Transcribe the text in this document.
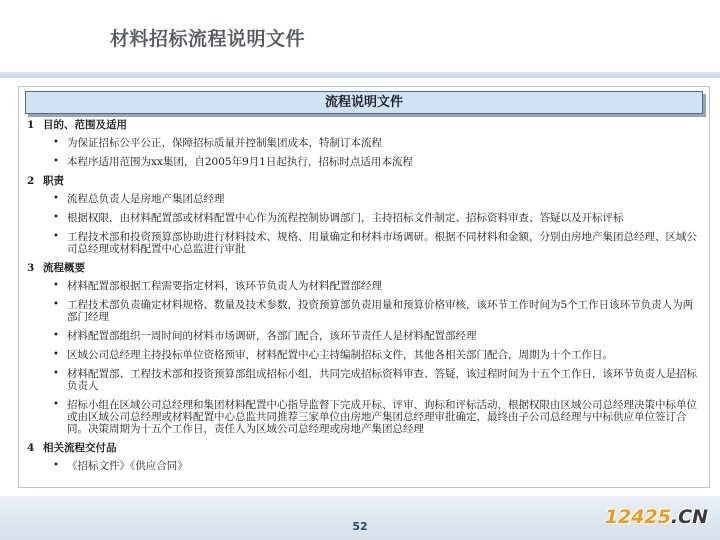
材料招标流程说明文件
流程说明文件
1 目的、范围及适用
• 为保证招标公平公正，保障招标质量并控制集团成本，特制订本流程
• 本程序适用范围为xx集团，自2005年9月1日起执行，招标时点适用本流程
2 职责
• 流程总负责人是房地产集团总经理
• 根据权限，由材料配置部或材料配置中心作为流程控制协调部门，主持招标文件制定、招标资料审查、答疑以及开标评标
• 工程技术部和投资预算部协助进行材料技术、规格、用量确定和材料市场调研。根据不同材料和金额，分别由房地产集团总经理、区域公司总经理或材料配置中心总监进行审批
3 流程概要
• 材料配置部根据工程需要指定材料，该环节负责人为材料配置部经理
• 工程技术部负责确定材料规格、数量及技术参数，投资预算部负责用量和预算价格审核，该环节工作时间为5个工作日该环节负责人为两部门经理
• 材料配置部组织一周时间的材料市场调研，各部门配合，该环节责任人是材料配置部经理
• 区域公司总经理主持投标单位资格预审，材料配置中心主持编制招标文件，其他各相关部门配合，周期为十个工作日。
• 材料配置部、工程技术部和投资预算部组成招标小组，共同完成招标资料审查、答疑，该过程时间为十五个工作日，该环节负责人是招标负责人
• 招标小组在区域公司总经理和集团材料配置中心指导监督下完成开标、评审、询标和评标活动，根据权限由区域公司总经理决策中标单位或由区域公司总经理或材料配置中心总监共同推荐三家单位由房地产集团总经理审批确定，最终由子公司总经理与中标供应单位签订合同。决策周期为十五个工作日，责任人为区域公司总经理或房地产集团总经理
4 相关流程交付品
• 《招标文件》《供应合同》
52	12425.CN
